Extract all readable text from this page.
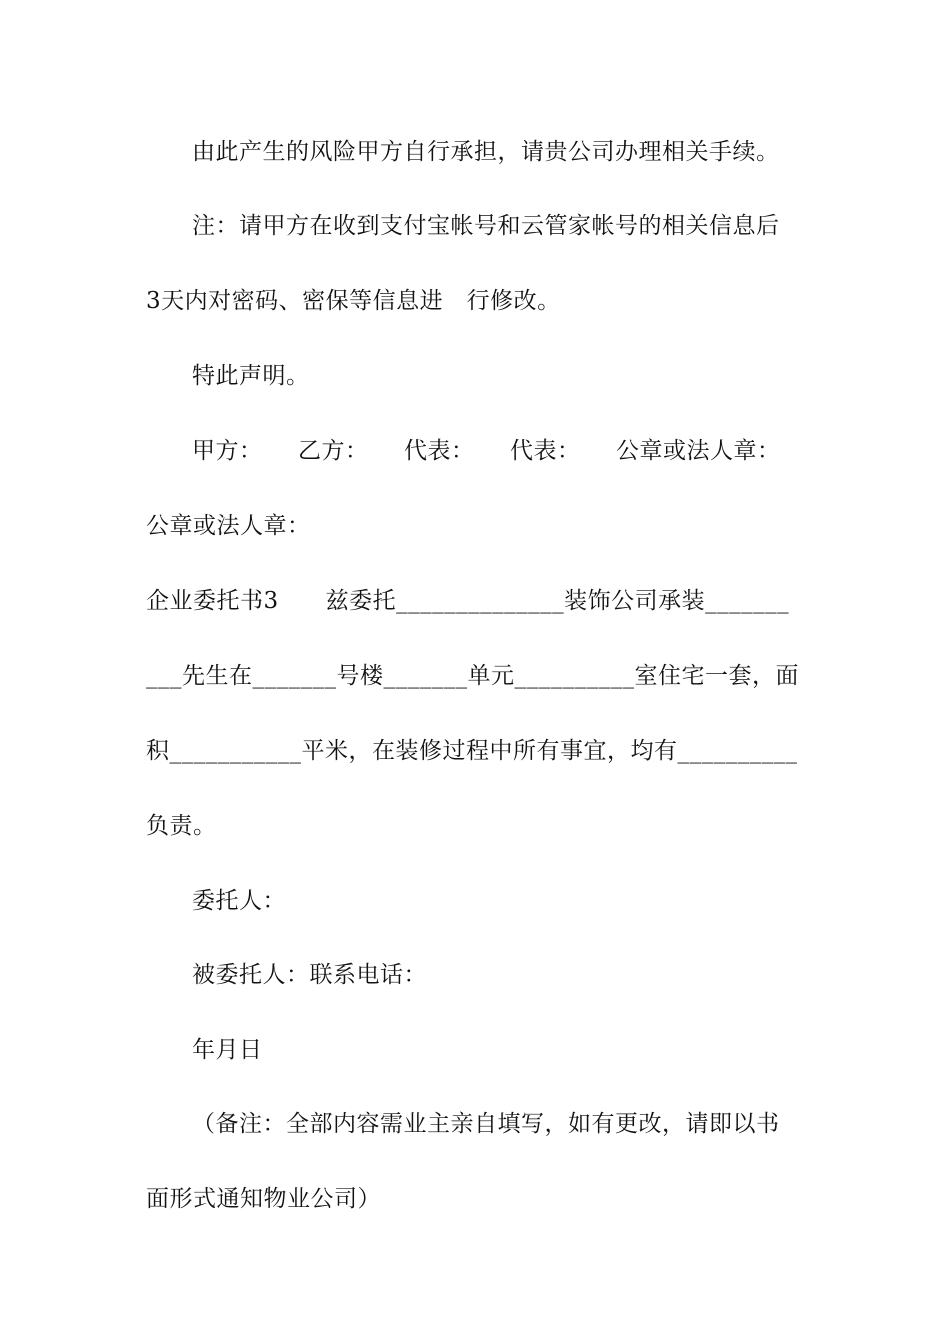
由此产生的风险甲方自行承担，请贵公司办理相关手续。
注：请甲方在收到支付宝帐号和云管家帐号的相关信息后
3天内对密码、密保等信息进　行修改。
特此声明。
甲方：　　乙方：　　代表：　　代表：　　公章或法人章：
公章或法人章：
企业委托书3　　兹委托______________装饰公司承装_______
___先生在_______号楼_______单元__________室住宅一套，面
积___________平米，在装修过程中所有事宜，均有__________
负责。
委托人：
被委托人：联系电话：
年月日
（备注：全部内容需业主亲自填写，如有更改，请即以书
面形式通知物业公司）
